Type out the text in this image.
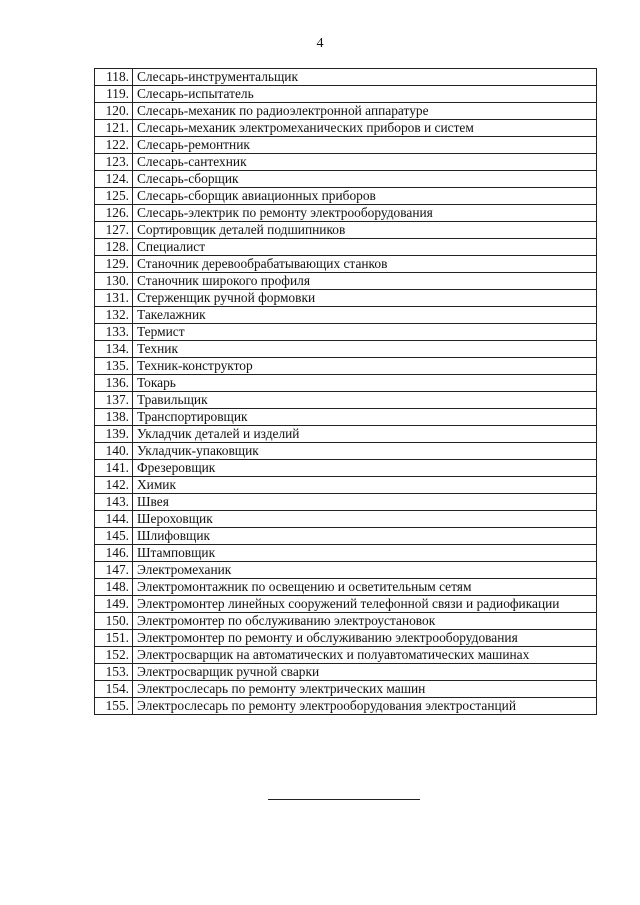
4
118.	Слесарь-инструментальщик
119.	Слесарь-испытатель
120.	Слесарь-механик по радиоэлектронной аппаратуре
121.	Слесарь-механик электромеханических приборов и систем
122.	Слесарь-ремонтник
123.	Слесарь-сантехник
124.	Слесарь-сборщик
125.	Слесарь-сборщик авиационных приборов
126.	Слесарь-электрик по ремонту электрооборудования
127.	Сортировщик деталей подшипников
128.	Специалист
129.	Станочник деревообрабатывающих станков
130.	Станочник широкого профиля
131.	Стерженщик ручной формовки
132.	Такелажник
133.	Термист
134.	Техник
135.	Техник-конструктор
136.	Токарь
137.	Травильщик
138.	Транспортировщик
139.	Укладчик деталей и изделий
140.	Укладчик-упаковщик
141.	Фрезеровщик
142.	Химик
143.	Швея
144.	Шероховщик
145.	Шлифовщик
146.	Штамповщик
147.	Электромеханик
148.	Электромонтажник по освещению и осветительным сетям
149.	Электромонтер линейных сооружений телефонной связи и радиофикации
150.	Электромонтер по обслуживанию электроустановок
151.	Электромонтер по ремонту и обслуживанию электрооборудования
152.	Электросварщик на автоматических и полуавтоматических машинах
153.	Электросварщик ручной сварки
154.	Электрослесарь по ремонту электрических машин
155.	Электрослесарь по ремонту электрооборудования электростанций
